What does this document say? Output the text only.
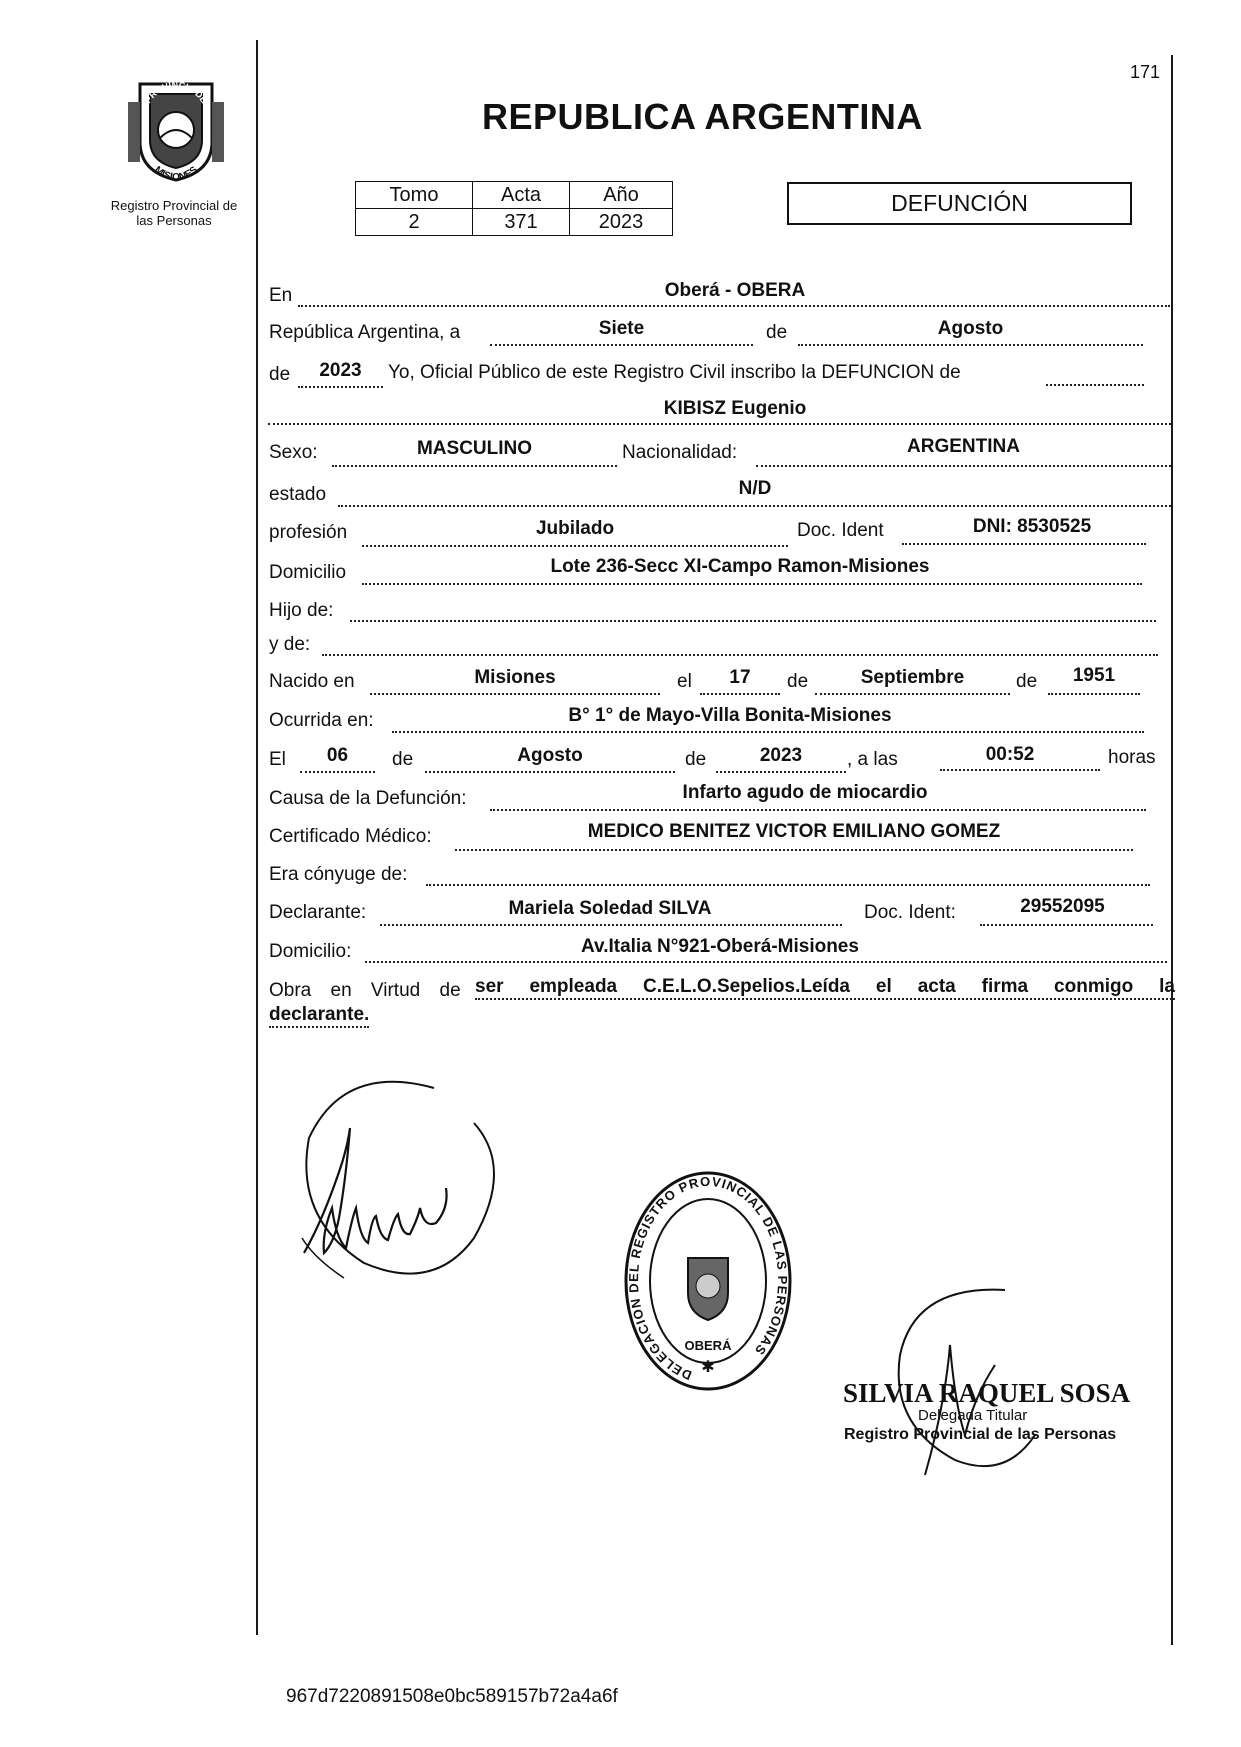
171
PROVINCIA DE
MISIONES
Registro Provincial de
las Personas
REPUBLICA ARGENTINA
Tomo	Acta	Año
2	371	2023
DEFUNCIÓN
En	Oberá - OBERA
República Argentina, a	Siete	de	Agosto
de	2023	Yo, Oficial Público de este Registro Civil inscribo la DEFUNCION de
KIBISZ Eugenio
Sexo:	MASCULINO	Nacionalidad:	ARGENTINA
estado	N/D
profesión	Jubilado	Doc. Ident	DNI: 8530525
Domicilio	Lote 236-Secc XI-Campo Ramon-Misiones
Hijo de:
y de:
Nacido en	Misiones	el	17	de	Septiembre	de	1951
Ocurrida en:	B° 1° de Mayo-Villa Bonita-Misiones
El	06	de	Agosto	de	2023	, a las	00:52	horas
Causa de la Defunción:	Infarto agudo de miocardio
Certificado Médico:	MEDICO BENITEZ VICTOR EMILIANO GOMEZ
Era cónyuge de:
Declarante:	Mariela Soledad SILVA	Doc. Ident:	29552095
Domicilio:	Av.Italia N°921-Oberá-Misiones
Obra en Virtud de ser empleada C.E.L.O.Sepelios.Leída el acta firma conmigo la
declarante.
DELEGACION DEL REGISTRO PROVINCIAL DE LAS PERSONAS
OBERÁ
✱
SILVIA RAQUEL SOSA
Delegada Titular
Registro Provincial de las Personas
967d7220891508e0bc589157b72a4a6f
